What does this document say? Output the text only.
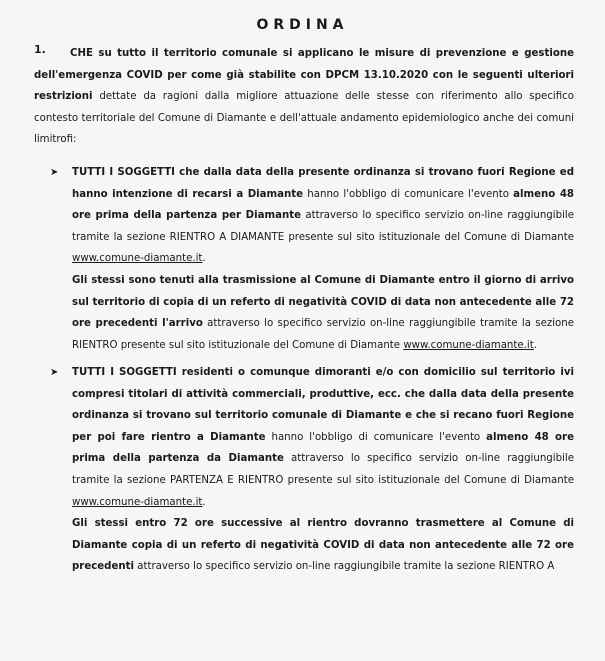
ORDINA
1.	CHE su tutto il territorio comunale si applicano le misure di prevenzione e gestione dell'emergenza COVID per come già stabilite con DPCM 13.10.2020 con le seguenti ulteriori restrizioni dettate da ragioni dalla migliore attuazione delle stesse con riferimento allo specifico contesto territoriale del Comune di Diamante e dell'attuale andamento epidemiologico anche dei comuni limitrofi:
➤ TUTTI I SOGGETTI che dalla data della presente ordinanza si trovano fuori Regione ed hanno intenzione di recarsi a Diamante hanno l'obbligo di comunicare l'evento almeno 48 ore prima della partenza per Diamante attraverso lo specifico servizio on-line raggiungibile tramite la sezione RIENTRO A DIAMANTE presente sul sito istituzionale del Comune di Diamante www.comune-diamante.it.

Gli stessi sono tenuti alla trasmissione al Comune di Diamante entro il giorno di arrivo sul territorio di copia di un referto di negatività COVID di data non antecedente alle 72 ore precedenti l'arrivo attraverso lo specifico servizio on-line raggiungibile tramite la sezione RIENTRO presente sul sito istituzionale del Comune di Diamante www.comune-diamante.it.

➤ TUTTI I SOGGETTI residenti o comunque dimoranti e/o con domicilio sul territorio ivi compresi titolari di attività commerciali, produttive, ecc. che dalla data della presente ordinanza si trovano sul territorio comunale di Diamante e che si recano fuori Regione per poi fare rientro a Diamante hanno l'obbligo di comunicare l'evento almeno 48 ore prima della partenza da Diamante attraverso lo specifico servizio on-line raggiungibile tramite la sezione PARTENZA E RIENTRO presente sul sito istituzionale del Comune di Diamante www.comune-diamante.it.

Gli stessi entro 72 ore successive al rientro dovranno trasmettere al Comune di Diamante copia di un referto di negatività COVID di data non antecedente alle 72 ore precedenti attraverso lo specifico servizio on-line raggiungibile tramite la sezione RIENTRO A
